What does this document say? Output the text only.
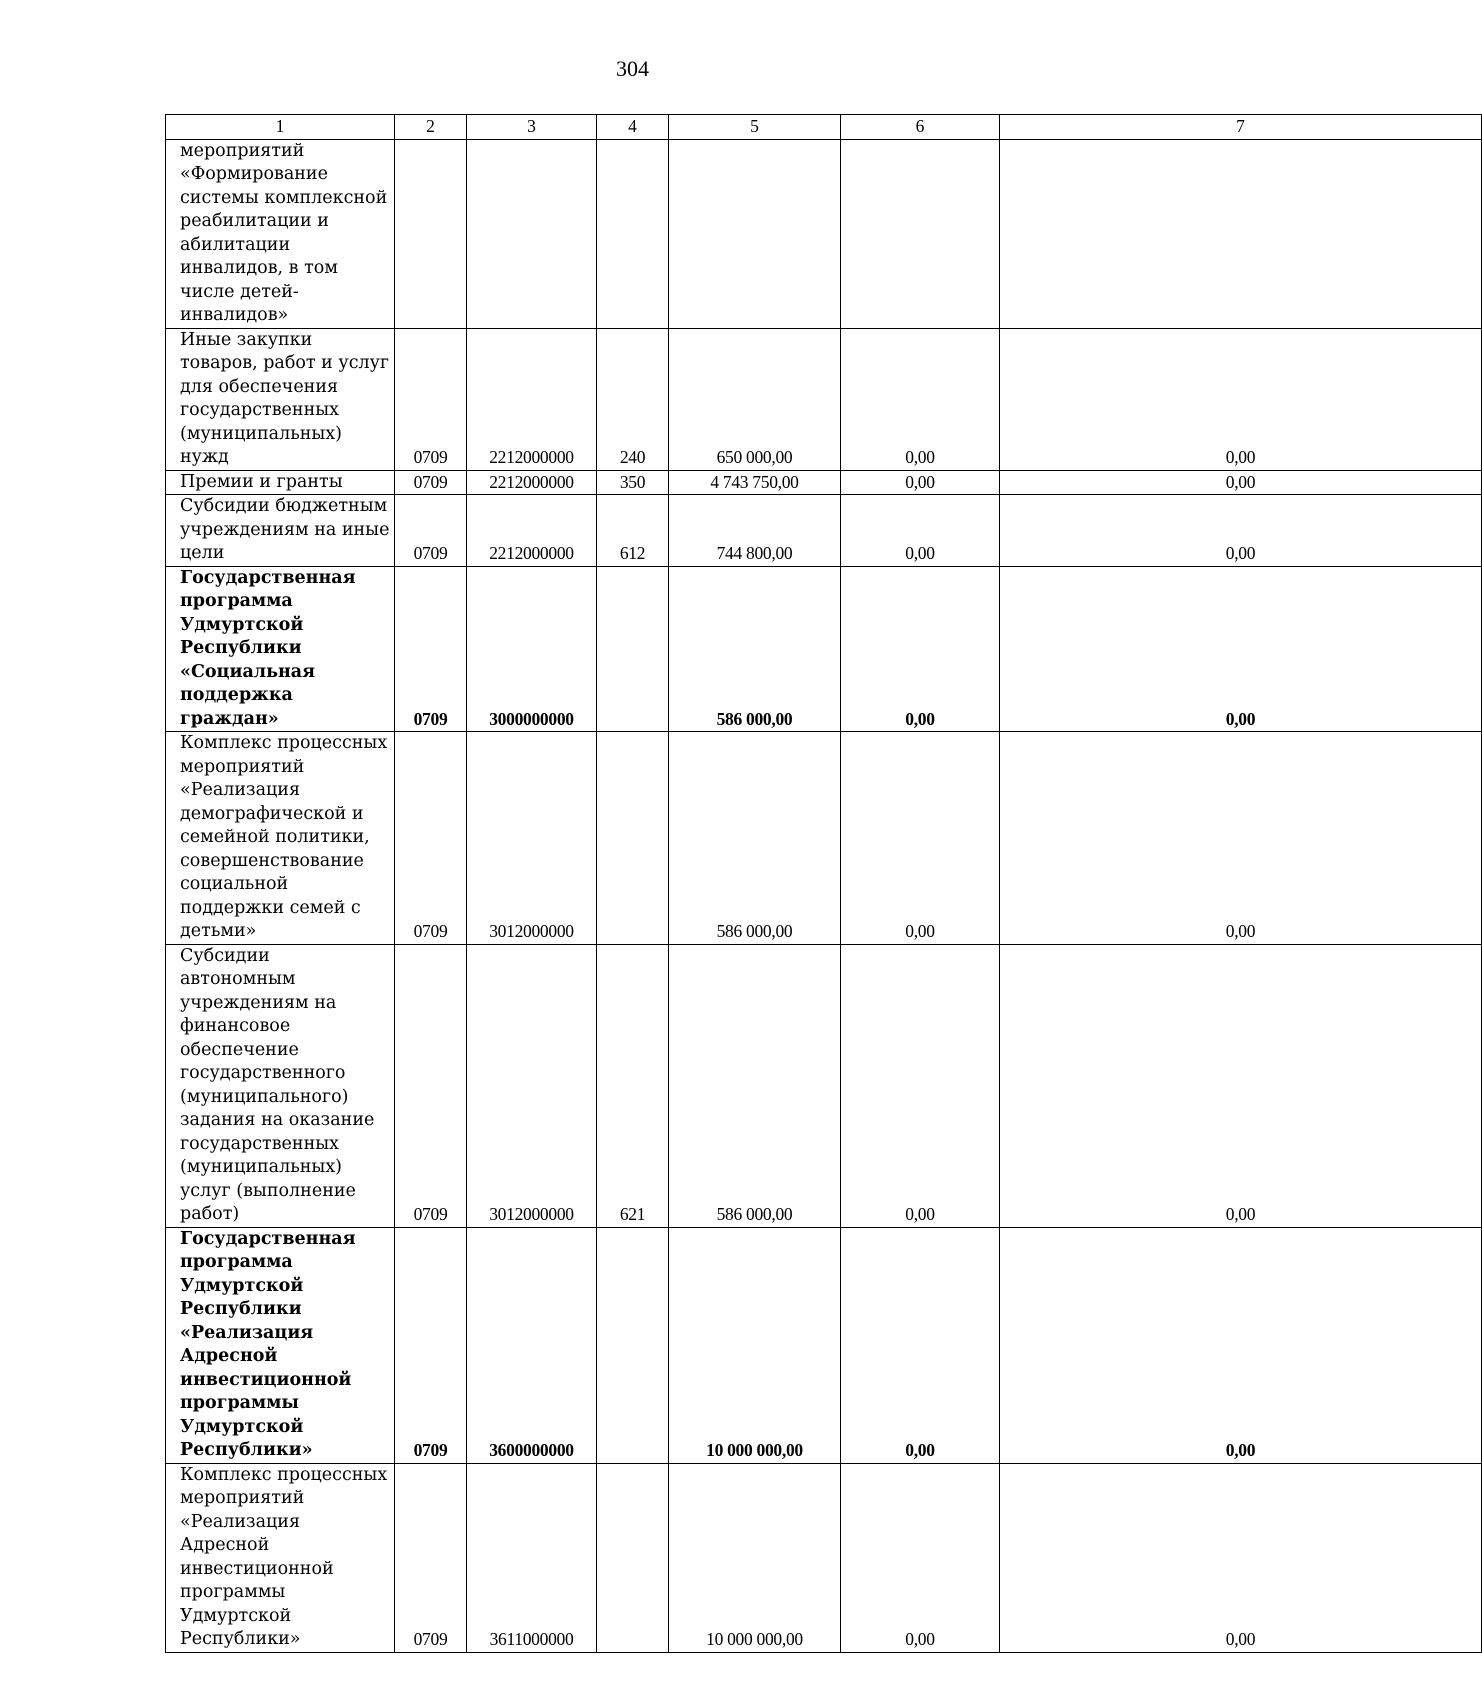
304
1	2	3	4	5	6	7
мероприятий «Формирование системы комплексной реабилитации и абилитации инвалидов, в том числе детей-инвалидов»						
Иные закупки товаров, работ и услуг для обеспечения государственных (муниципальных) нужд	0709	2212000000	240	650 000,00	0,00	0,00
Премии и гранты	0709	2212000000	350	4 743 750,00	0,00	0,00
Субсидии бюджетным учреждениям на иные цели	0709	2212000000	612	744 800,00	0,00	0,00
Государственная программа Удмуртской Республики «Социальная поддержка граждан»	0709	3000000000		586 000,00	0,00	0,00
Комплекс процессных мероприятий «Реализация демографической и семейной политики, совершенствование социальной поддержки семей с детьми»	0709	3012000000		586 000,00	0,00	0,00
Субсидии автономным учреждениям на финансовое обеспечение государственного (муниципального) задания на оказание государственных (муниципальных) услуг (выполнение работ)	0709	3012000000	621	586 000,00	0,00	0,00
Государственная программа Удмуртской Республики «Реализация Адресной инвестиционной программы Удмуртской Республики»	0709	3600000000		10 000 000,00	0,00	0,00
Комплекс процессных мероприятий «Реализация Адресной инвестиционной программы Удмуртской Республики»	0709	3611000000		10 000 000,00	0,00	0,00
